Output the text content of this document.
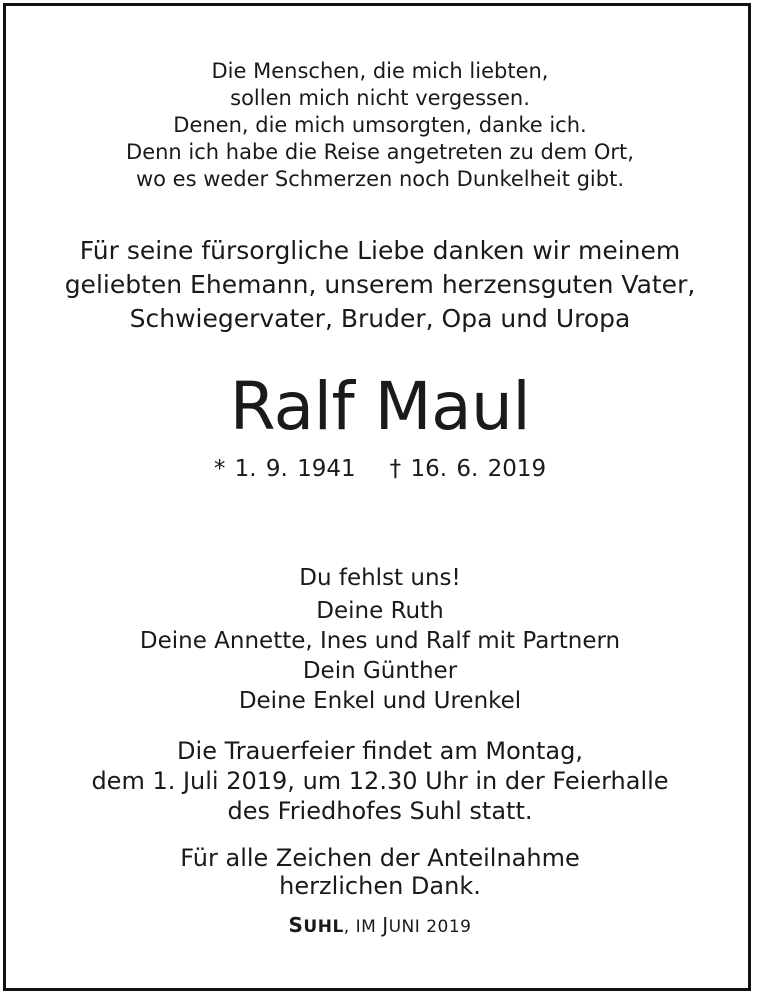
Die Menschen, die mich liebten,
sollen mich nicht vergessen.
Denen, die mich umsorgten, danke ich.
Denn ich habe die Reise angetreten zu dem Ort,
wo es weder Schmerzen noch Dunkelheit gibt.
Für seine fürsorgliche Liebe danken wir meinem
geliebten Ehemann, unserem herzensguten Vater,
Schwiegervater, Bruder, Opa und Uropa
Ralf Maul
* 1. 9. 1941 † 16. 6. 2019
Du fehlst uns!
Deine Ruth
Deine Annette, Ines und Ralf mit Partnern
Dein Günther
Deine Enkel und Urenkel
Die Trauerfeier findet am Montag,
dem 1. Juli 2019, um 12.30 Uhr in der Feierhalle
des Friedhofes Suhl statt.
Für alle Zeichen der Anteilnahme
herzlichen Dank.
SUHL, IM JUNI 2019
